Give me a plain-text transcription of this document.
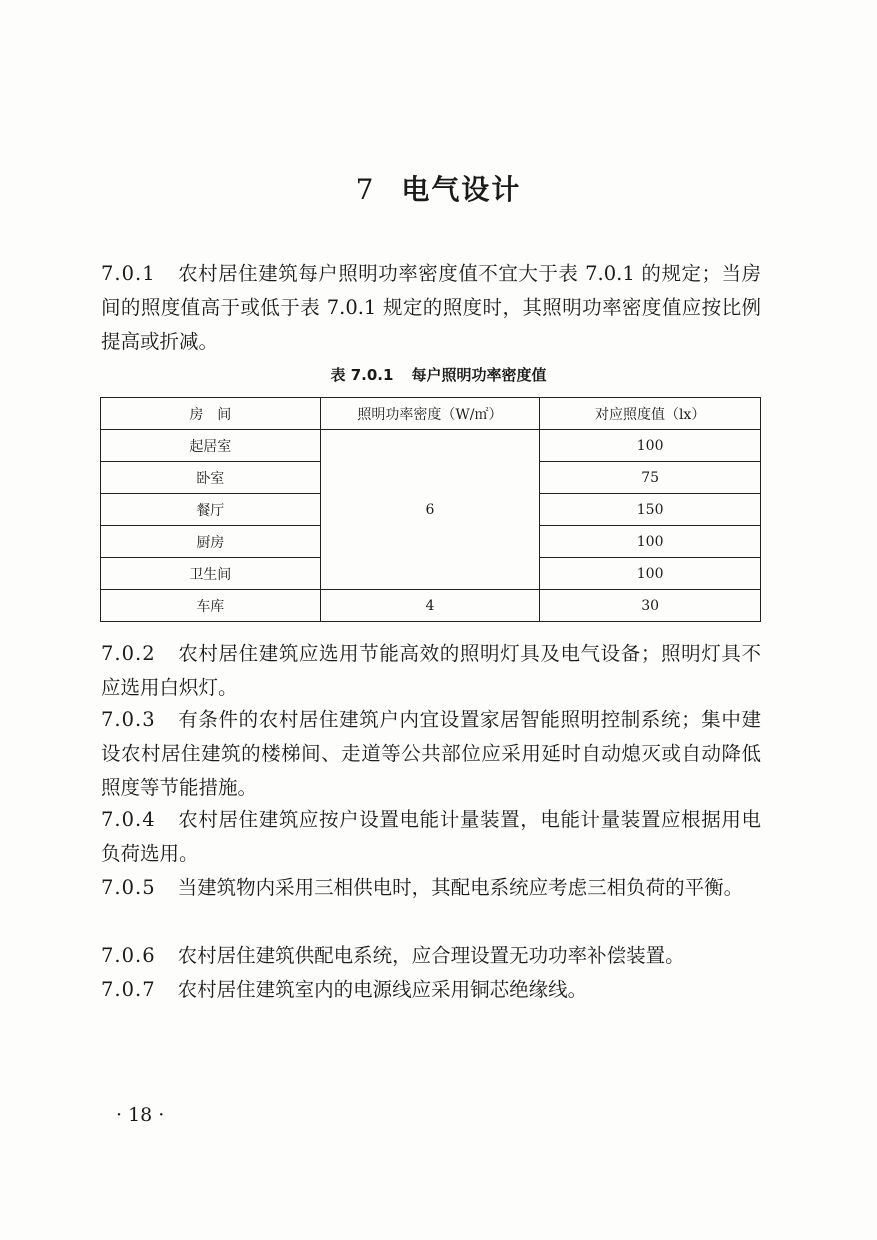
7 电气设计
7.0.1 农村居住建筑每户照明功率密度值不宜大于表 7.0.1 的规定；当房间的照度值高于或低于表 7.0.1 规定的照度时，其照明功率密度值应按比例提高或折减。
表 7.0.1 每户照明功率密度值
房　间	照明功率密度（W/㎡）	对应照度值（lx）
起居室	6	100
卧室		75
餐厅		150
厨房		100
卫生间		100
车库	4	30
7.0.2 农村居住建筑应选用节能高效的照明灯具及电气设备；照明灯具不应选用白炽灯。
7.0.3 有条件的农村居住建筑户内宜设置家居智能照明控制系统；集中建设农村居住建筑的楼梯间、走道等公共部位应采用延时自动熄灭或自动降低照度等节能措施。
7.0.4 农村居住建筑应按户设置电能计量装置，电能计量装置应根据用电负荷选用。
7.0.5 当建筑物内采用三相供电时，其配电系统应考虑三相负荷的平衡。
7.0.6 农村居住建筑供配电系统，应合理设置无功功率补偿装置。
7.0.7 农村居住建筑室内的电源线应采用铜芯绝缘线。
· 18 ·
